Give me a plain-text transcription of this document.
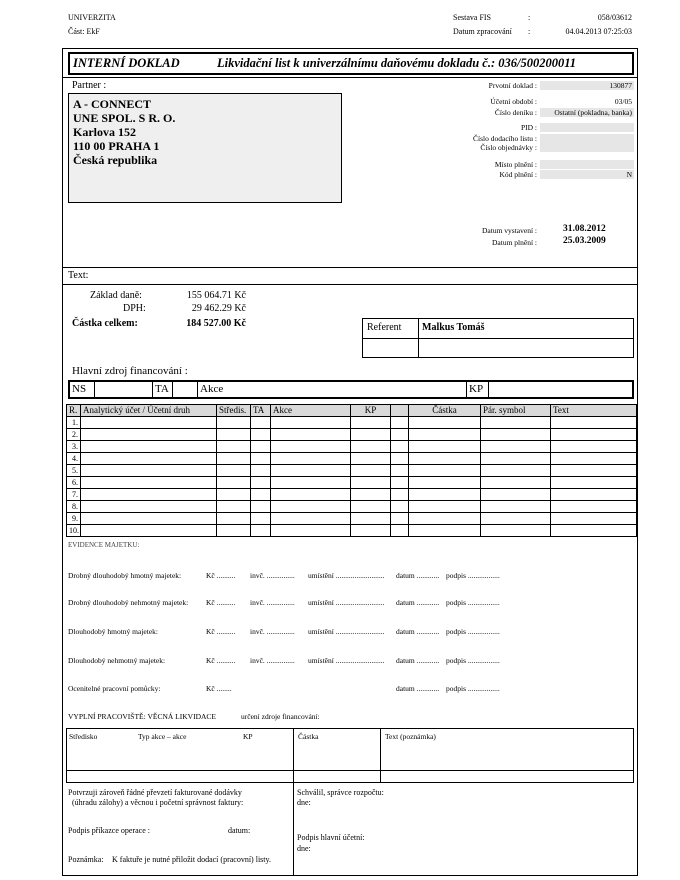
UNIVERZITA
Část: EkF
Sestava FIS	:	058/03612
Datum zpracování :	04.04.2013 07:25:03
INTERNÍ DOKLAD	Likvidační list k univerzálnímu daňovému dokladu č.: 036/500200011
Partner :
A - CONNECT
UNE SPOL. S R. O.
Karlova 152
110 00 PRAHA 1
Česká republika
Prvotní doklad :	130877
Účetní období :	03/05
Číslo deníku :	Ostatní (pokladna, banka)
PID :
Číslo dodacího listu :
Číslo objednávky :
Místo plnění :
Kód plnění :	N
Datum vystavení :	31.08.2012
Datum plnění :	25.03.2009
Text:
Základ daně:	155 064.71 Kč
DPH:	29 462.29 Kč
Částka celkem:	184 527.00 Kč	Referent Malkus Tomáš
Hlavní zdroj financování :
NS	TA	Akce	KP
R.	Analytický účet / Účetní druh	Středis.	TA	Akce	KP		Částka	Pár. symbol	Text
1.									
2.									
3.									
4.									
5.									
6.									
7.									
8.									
9.									
10.									
EVIDENCE MAJETKU:
Drobný dlouhodobý hmotný majetek:	Kč .......... invč. ............... umístění .......................... datum ............ podpis .................
Drobný dlouhodobý nehmotný majetek: Kč .......... invč. ............... umístění .......................... datum ............ podpis .................
Dlouhodobý hmotný majetek:	Kč .......... invč. ............... umístění .......................... datum ............ podpis .................
Dlouhodobý nehmotný majetek:	Kč .......... invč. ............... umístění .......................... datum ............ podpis .................
Ocenitelné pracovní pomůcky:	Kč ........	datum ............ podpis .................
VYPLNÍ PRACOVIŠTĚ: VĚCNÁ LIKVIDACE	určení zdroje financování:
Středisko	Typ akce – akce	KP	Částka	Text (poznámka)
Potvrzuji zároveň řádné převzetí fakturované dodávky
(úhradu zálohy) a věcnou i početní správnost faktury:
Schválil, správce rozpočtu:
dne:
Podpis příkazce operace :	datum:
Podpis hlavní účetní:
dne:
Poznámka: K faktuře je nutné přiložit dodací (pracovní) listy.
